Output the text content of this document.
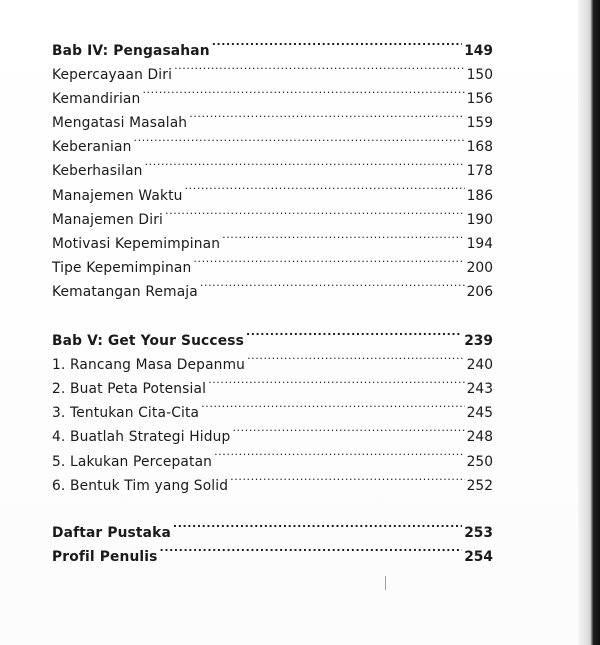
Bab IV: Pengasahan .....	149
Kepercayaan Diri .....	150
Kemandirian .....	156
Mengatasi Masalah .....	159
Keberanian .....	168
Keberhasilan .....	178
Manajemen Waktu .....	186
Manajemen Diri .....	190
Motivasi Kepemimpinan .....	194
Tipe Kepemimpinan .....	200
Kematangan Remaja .....	206
Bab V: Get Your Success .....	239
1. Rancang Masa Depanmu .....	240
2. Buat Peta Potensial .....	243
3. Tentukan Cita-Cita .....	245
4. Buatlah Strategi Hidup .....	248
5. Lakukan Percepatan .....	250
6. Bentuk Tim yang Solid .....	252
Daftar Pustaka .....	253
Profil Penulis .....	254
